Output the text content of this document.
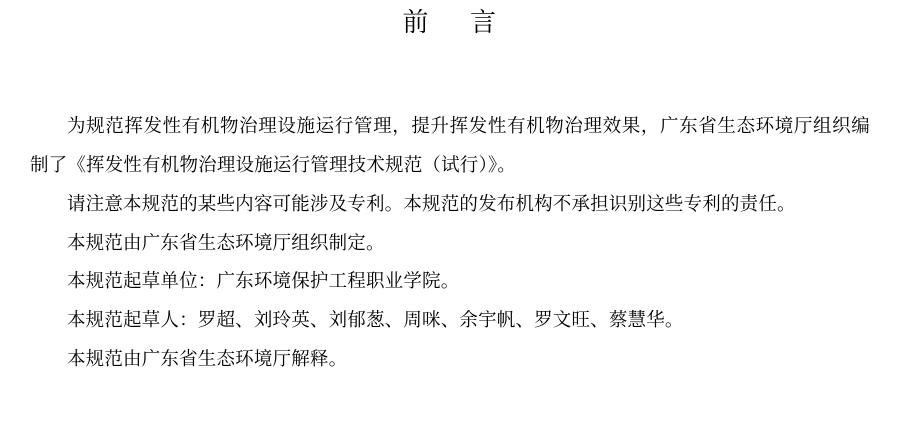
前 言

为规范挥发性有机物治理设施运行管理，提升挥发性有机物治理效果，广东省生态环境厅组织编制了《挥发性有机物治理设施运行管理技术规范（试行）》。

请注意本规范的某些内容可能涉及专利。本规范的发布机构不承担识别这些专利的责任。

本规范由广东省生态环境厅组织制定。

本规范起草单位：广东环境保护工程职业学院。

本规范起草人：罗超、刘玲英、刘郁葱、周咪、余宇帆、罗文旺、蔡慧华。

本规范由广东省生态环境厅解释。
